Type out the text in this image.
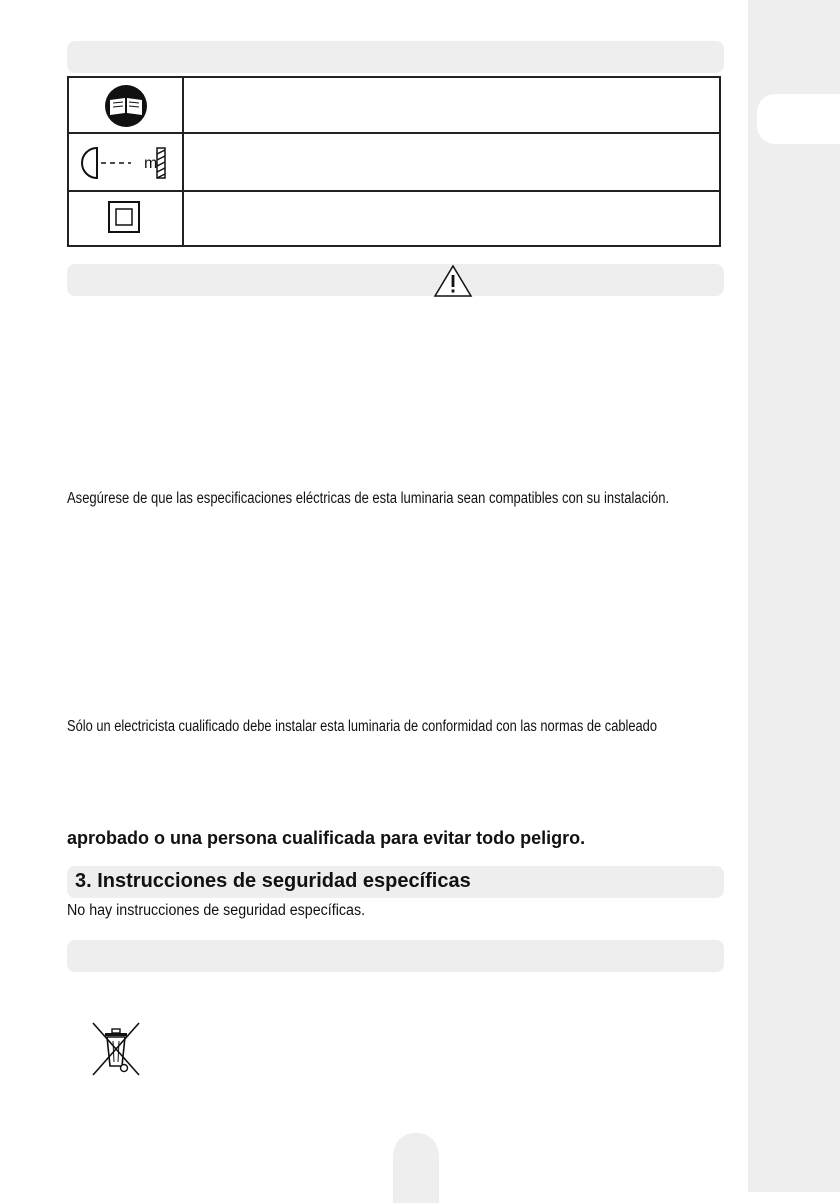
m
Asegúrese de que las especificaciones eléctricas de esta luminaria sean compatibles con su instalación.
Sólo un electricista cualificado debe instalar esta luminaria de conformidad con las normas de cableado
aprobado o una persona cualificada para evitar todo peligro.
3. Instrucciones de seguridad específicas
No hay instrucciones de seguridad específicas.
